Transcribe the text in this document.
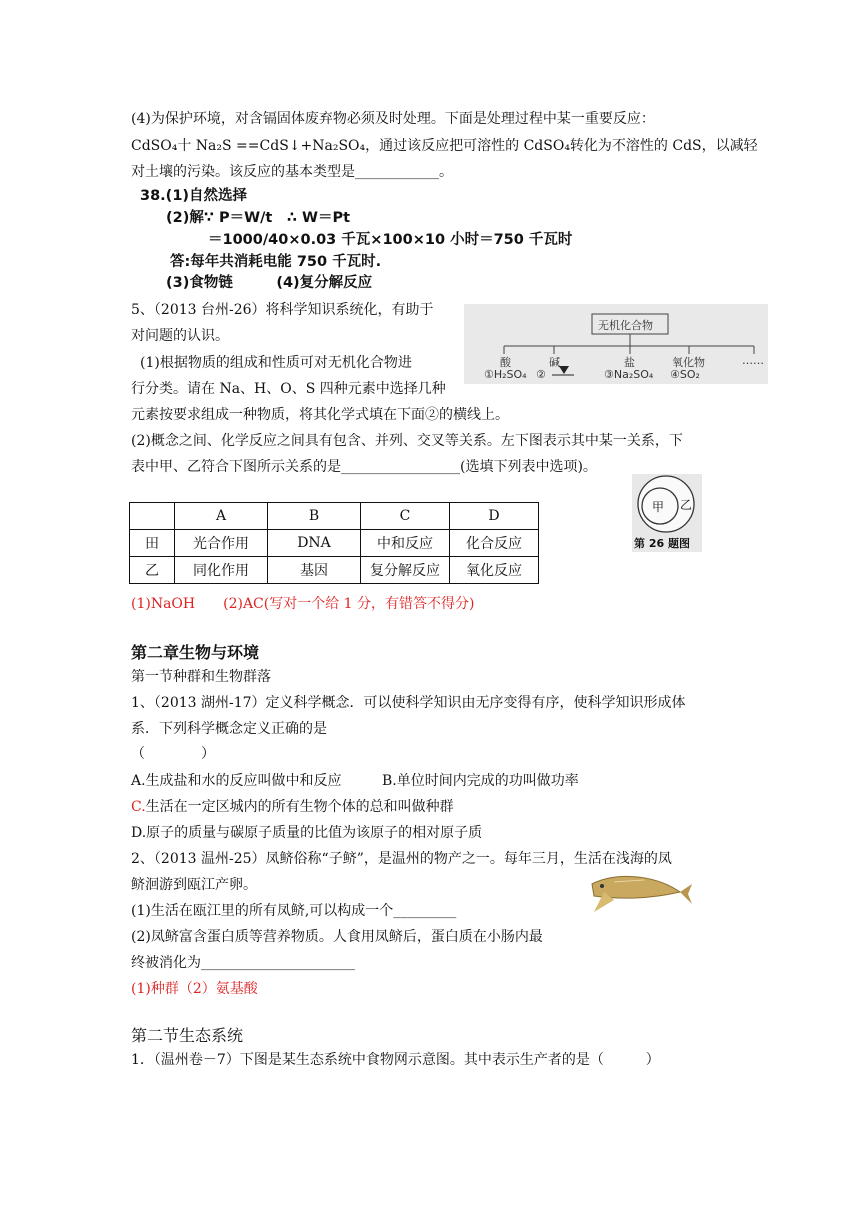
(4)为保护环境，对含镉固体废弃物必须及时处理。下面是处理过程中某一重要反应：
CdSO₄十 Na₂S ==CdS↓+Na₂SO₄，通过该反应把可溶性的 CdSO₄转化为不溶性的 CdS，以减轻
对土壤的污染。该反应的基本类型是____________。
38.(1)自然选择
(2)解∵ P＝W/t　∴ W＝Pt
＝1000/40×0.03 千瓦×100×10 小时＝750 千瓦时
答:每年共消耗电能 750 千瓦时.
(3)食物链　　　(4)复分解反应
5、（2013 台州-26）将科学知识系统化，有助于
对问题的认识。
(1)根据物质的组成和性质可对无机化合物进
行分类。请在 Na、H、O、S 四种元素中选择几种
元素按要求组成一种物质，将其化学式填在下面②的横线上。
(2)概念之间、化学反应之间具有包含、并列、交叉等关系。左下图表示其中某一关系，下
表中甲、乙符合下图所示关系的是_________________(选填下列表中选项)。
无机化合物
酸	碱	盐	氧化物	……
①H₂SO₄ ②	③Na₂SO₄ ④SO₂
甲 乙
第 26 题图
	A	B	C	D
田	光合作用	DNA	中和反应	化合反应
乙	同化作用	基因	复分解反应	氧化反应
(1)NaOH　　(2)AC(写对一个给 1 分，有错答不得分)
第二章生物与环境
第一节种群和生物群落
1、（2013 湖州-17）定义科学概念．可以使科学知识由无序变得有序，使科学知识形成体
系．下列科学概念定义正确的是
（　　　　）
A.生成盐和水的反应叫做中和反应	B.单位时间内完成的功叫做功率
C.生活在一定区城内的所有生物个体的总和叫做种群
D.原子的质量与碳原子质量的比值为该原子的相对原子质
2、（2013 温州-25）凤鲚俗称“子鲚”，是温州的物产之一。每年三月，生活在浅海的凤
鲚洄游到瓯江产卵。
(1)生活在瓯江里的所有凤鲚,可以构成一个_________
(2)凤鲚富含蛋白质等营养物质。人食用凤鲚后，蛋白质在小肠内最
终被消化为______________________
(1)种群（2）氨基酸
第二节生态系统
1．（温州卷－7）下图是某生态系统中食物网示意图。其中表示生产者的是（　　　）
